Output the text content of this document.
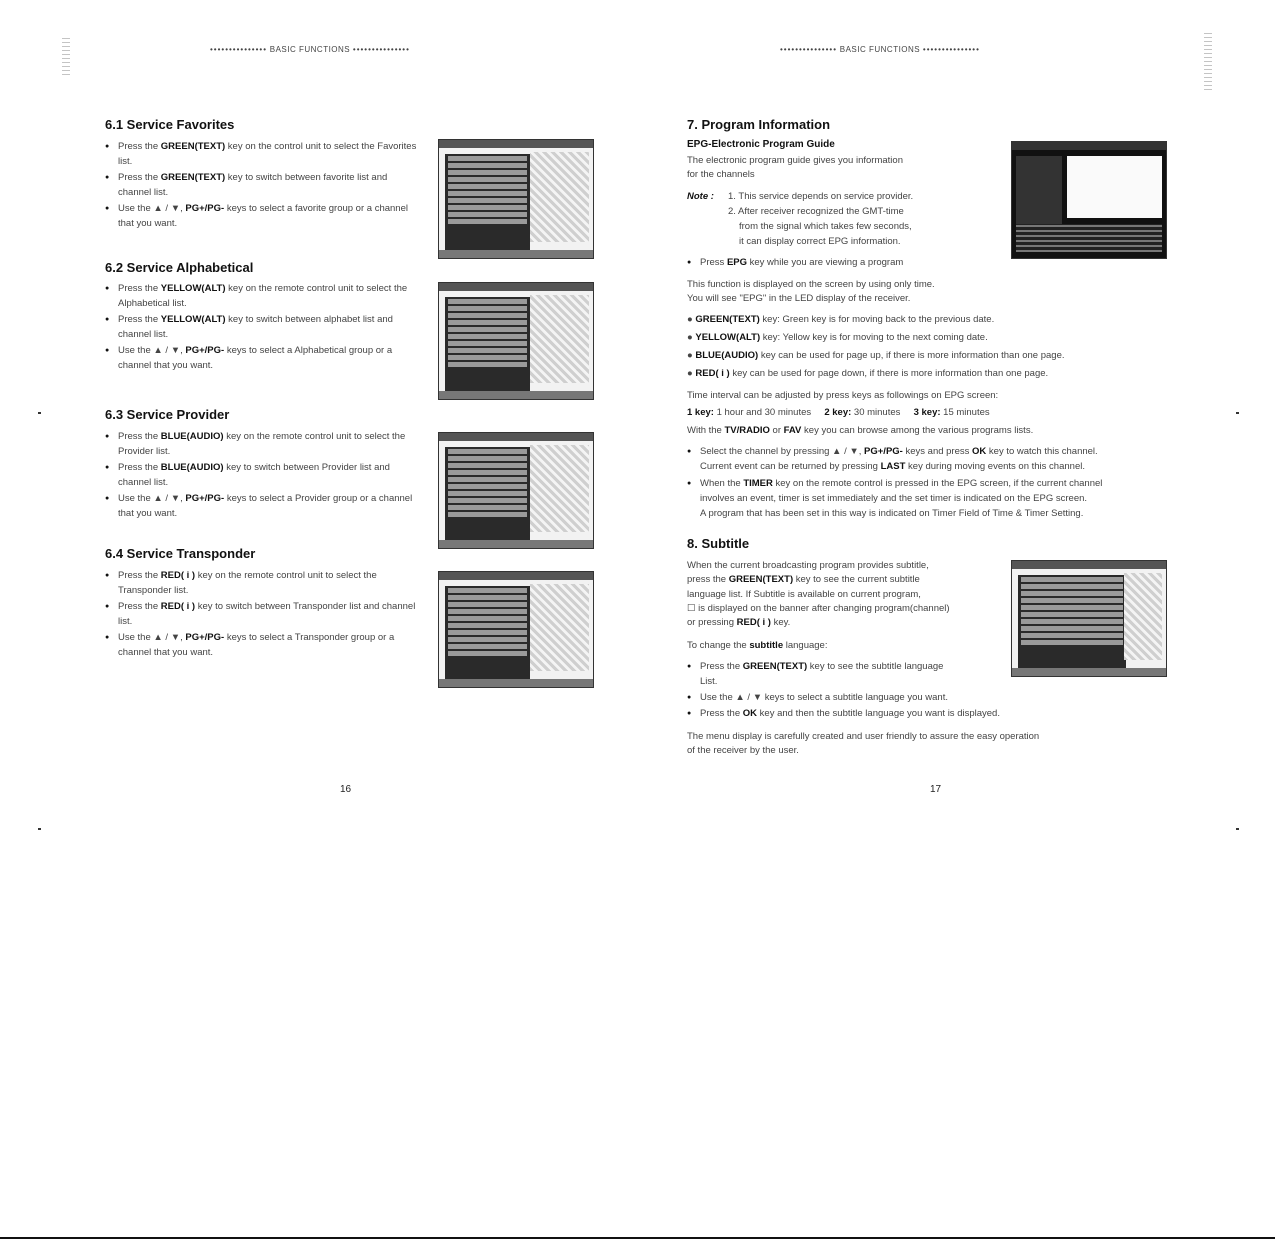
••••••••••••••• BASIC FUNCTIONS •••••••••••••••
6.1 Service Favorites
● Press the GREEN(TEXT) key on the control unit to select the Favorites list.
● Press the GREEN(TEXT) key to switch between favorite list and channel list.
● Use the ▲ / ▼, PG+/PG- keys to select a favorite group or a channel that you want.
6.2 Service Alphabetical
● Press the YELLOW(ALT) key on the remote control unit to select the Alphabetical list.
● Press the YELLOW(ALT) key to switch between alphabet list and channel list.
● Use the ▲ / ▼, PG+/PG- keys to select a Alphabetical group or a channel that you want.
6.3 Service Provider
● Press the BLUE(AUDIO) key on the remote control unit to select the Provider list.
● Press the BLUE(AUDIO) key to switch between Provider list and channel list.
● Use the ▲ / ▼, PG+/PG- keys to select a Provider group or a channel that you want.
6.4 Service Transponder
● Press the RED( i ) key on the remote control unit to select the Transponder list.
● Press the RED( i ) key to switch between Transponder list and channel list.
● Use the ▲ / ▼, PG+/PG- keys to select a Transponder group or a channel that you want.
16
••••••••••••••• BASIC FUNCTIONS •••••••••••••••
7. Program Information
EPG-Electronic Program Guide
The electronic program guide gives you information
for the channels
Note : 1. This service depends on service provider.
2. After receiver recognized the GMT-time
from the signal which takes few seconds,
it can display correct EPG information.
● Press EPG key while you are viewing a program
This function is displayed on the screen by using only time.
You will see "EPG" in the LED display of the receiver.
● GREEN(TEXT) key: Green key is for moving back to the previous date.
● YELLOW(ALT) key: Yellow key is for moving to the next coming date.
● BLUE(AUDIO) key can be used for page up, if there is more information than one page.
● RED( i ) key can be used for page down, if there is more information than one page.
Time interval can be adjusted by press keys as followings on EPG screen:
1 key: 1 hour and 30 minutes 2 key: 30 minutes 3 key: 15 minutes
With the TV/RADIO or FAV key you can browse among the various programs lists.
● Select the channel by pressing ▲ / ▼, PG+/PG- keys and press OK key to watch this channel.
Current event can be returned by pressing LAST key during moving events on this channel.
● When the TIMER key on the remote control is pressed in the EPG screen, if the current channel
involves an event, timer is set immediately and the set timer is indicated on the EPG screen.
A program that has been set in this way is indicated on Timer Field of Time & Timer Setting.
8. Subtitle
When the current broadcasting program provides subtitle,
press the GREEN(TEXT) key to see the current subtitle
language list. If Subtitle is available on current program,
☐ is displayed on the banner after changing program(channel)
or pressing RED( i ) key.
To change the subtitle language:
● Press the GREEN(TEXT) key to see the subtitle language
List.
● Use the ▲ / ▼ keys to select a subtitle language you want.
● Press the OK key and then the subtitle language you want is displayed.
The menu display is carefully created and user friendly to assure the easy operation
of the receiver by the user.
17
